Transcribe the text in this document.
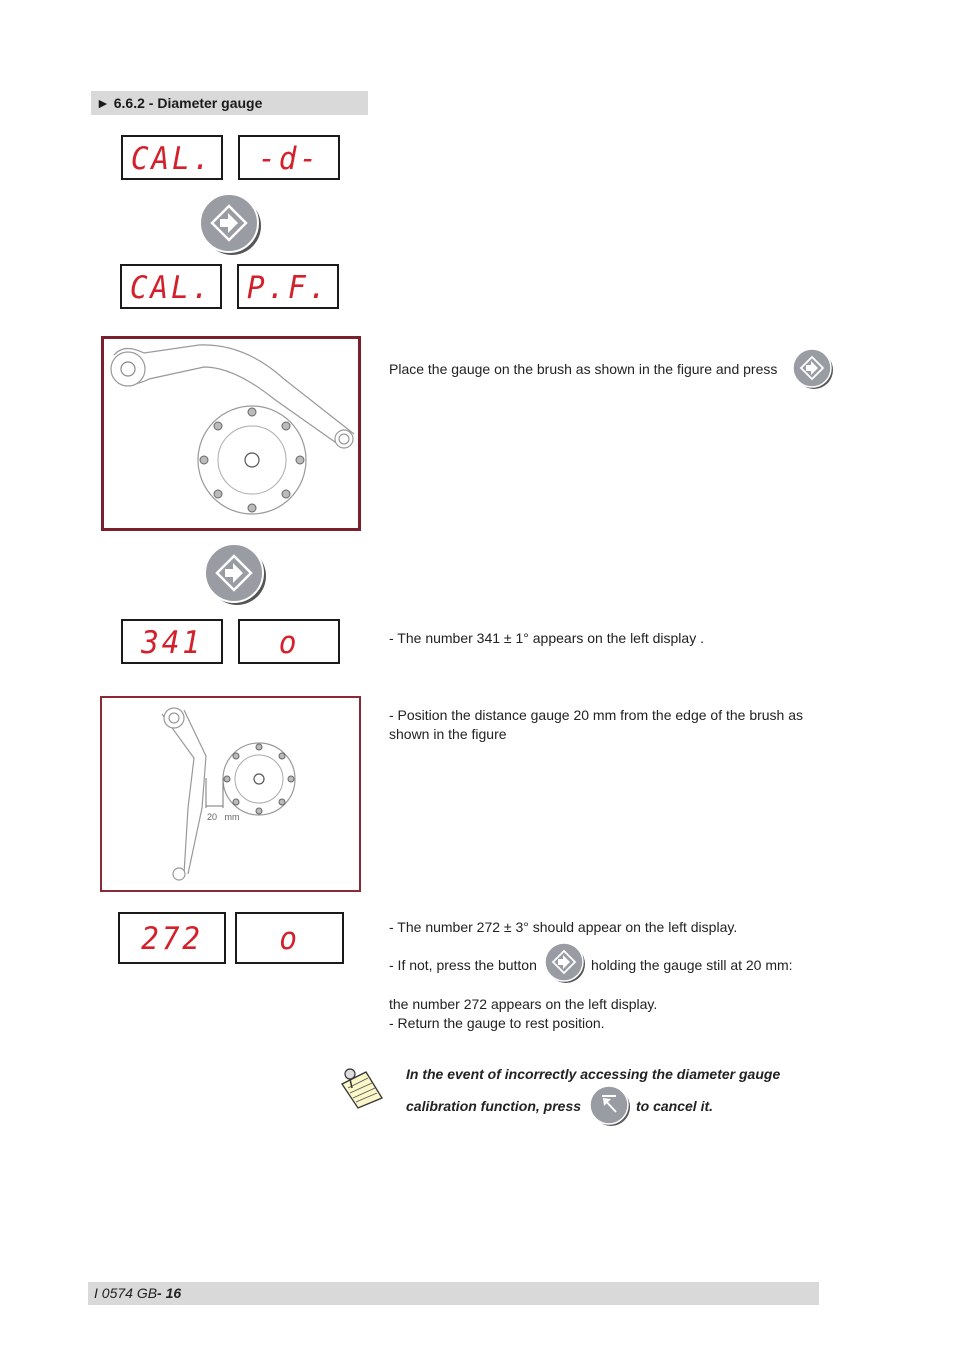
► 6.6.2 - Diameter gauge
CAL.	-d-
CAL. P.F.
Place the gauge on the brush as shown in the figure and press
341	o	- The number 341 ± 1° appears on the left display .
20   mm
- Position the distance gauge 20 mm from the edge of the brush as
shown in the figure
272	o	- The number 272 ± 3° should appear on the left display.
- If not, press the button	holding the gauge still at 20 mm:
the number 272 appears on the left display.
- Return the gauge to rest position.
In the event of incorrectly accessing the diameter gauge
calibration function, press	to cancel it.
I 0574 GB- 16
